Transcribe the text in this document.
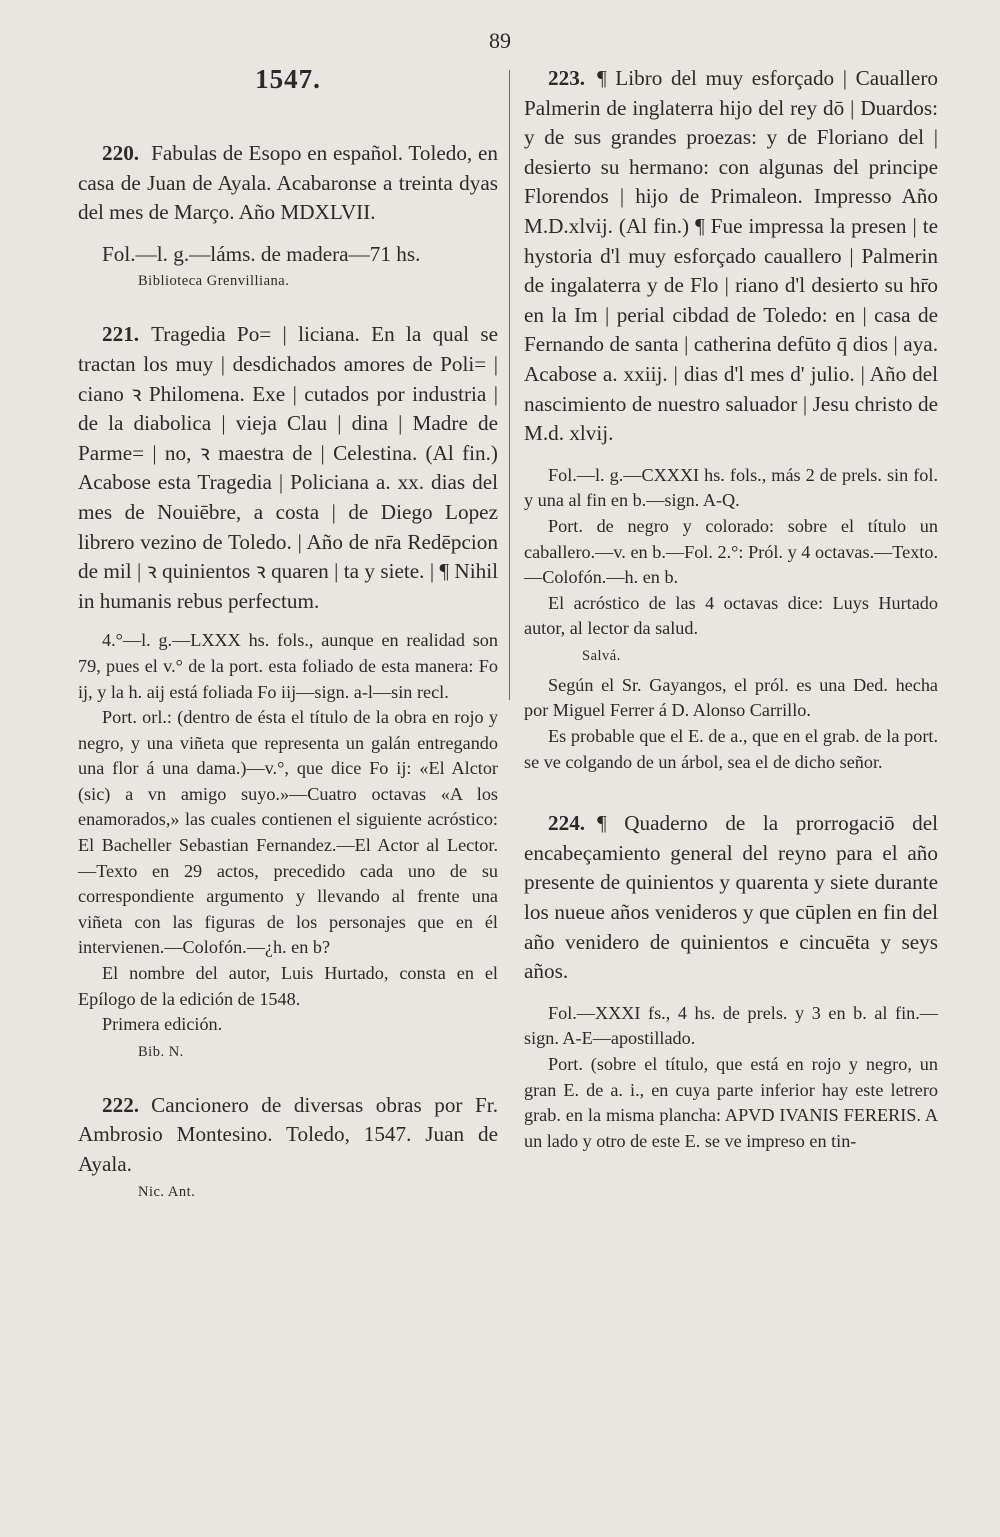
89
1547.

220. Fabulas de Esopo en español. Toledo, en casa de Juan de Ayala. Acabaronse a treinta dyas del mes de Março. Año MDXLVII.

Fol.—l. g.—láms. de madera—71 hs.

Biblioteca Grenvilliana.

221. Tragedia Po= | liciana. En la qual se tractan los muy | desdichados amores de Poli= | ciano ꝛ Philomena. Exe | cutados por industria | de la diabolica | vieja Clau | dina | Madre de Parme= | no, ꝛ maestra de | Celestina. (Al fin.) Acabose esta Tragedia | Policiana a. xx. dias del mes de Nouiēbre, a costa | de Diego Lopez librero vezino de Toledo. | Año de nr̄a Redēpcion de mil | ꝛ quinientos ꝛ quaren | ta y siete. | ¶ Nihil in humanis rebus perfectum.

4.°—l. g.—LXXX hs. fols., aunque en realidad son 79, pues el v.° de la port. esta foliado de esta manera: Fo ij, y la h. aij está foliada Fo iij—sign. a-l—sin recl.

Port. orl.: (dentro de ésta el título de la obra en rojo y negro, y una viñeta que representa un galán entregando una flor á una dama.)—v.°, que dice Fo ij: «El Alctor (sic) a vn amigo suyo.»—Cuatro octavas «A los enamorados,» las cuales contienen el siguiente acróstico: El Bacheller Sebastian Fernandez.—El Actor al Lector.—Texto en 29 actos, precedido cada uno de su correspondiente argumento y llevando al frente una viñeta con las figuras de los personajes que en él intervienen.—Colofón.—¿h. en b?

El nombre del autor, Luis Hurtado, consta en el Epílogo de la edición de 1548.

Primera edición.

Bib. N.

222. Cancionero de diversas obras por Fr. Ambrosio Montesino. Toledo, 1547. Juan de Ayala.

Nic. Ant.

223. ¶ Libro del muy esforçado | Cauallero Palmerin de inglaterra hijo del rey dō | Duardos: y de sus grandes proezas: y de Floriano del | desierto su hermano: con algunas del principe Florendos | hijo de Primaleon. Impresso Año M.D.xlvij. (Al fin.) ¶ Fue impressa la presen | te hystoria d'l muy esforçado cauallero | Palmerin de ingalaterra y de Flo | riano d'l desierto su hr̄o en la Im | perial cibdad de Toledo: en | casa de Fernando de santa | catherina defūto q̄ dios | aya. Acabose a. xxiij. | dias d'l mes d' julio. | Año del nascimiento de nuestro saluador | Jesu christo de M.d. xlvij.

Fol.—l. g.—CXXXI hs. fols., más 2 de prels. sin fol. y una al fin en b.—sign. A-Q.

Port. de negro y colorado: sobre el título un caballero.—v. en b.—Fol. 2.°: Pról. y 4 octavas.—Texto.—Colofón.—h. en b.

El acróstico de las 4 octavas dice: Luys Hurtado autor, al lector da salud.

Salvá.

Según el Sr. Gayangos, el pról. es una Ded. hecha por Miguel Ferrer á D. Alonso Carrillo.

Es probable que el E. de a., que en el grab. de la port. se ve colgando de un árbol, sea el de dicho señor.

224. ¶ Quaderno de la prorrogaciō del encabeçamiento general del reyno para el año presente de quinientos y quarenta y siete durante los nueue años venideros y que cūplen en fin del año venidero de quinientos e cincuēta y seys años.

Fol.—XXXI fs., 4 hs. de prels. y 3 en b. al fin.—sign. A-E—apostillado.

Port. (sobre el título, que está en rojo y negro, un gran E. de a. i., en cuya parte inferior hay este letrero grab. en la misma plancha: APVD IVANIS FERERIS. A un lado y otro de este E. se ve impreso en tin-
